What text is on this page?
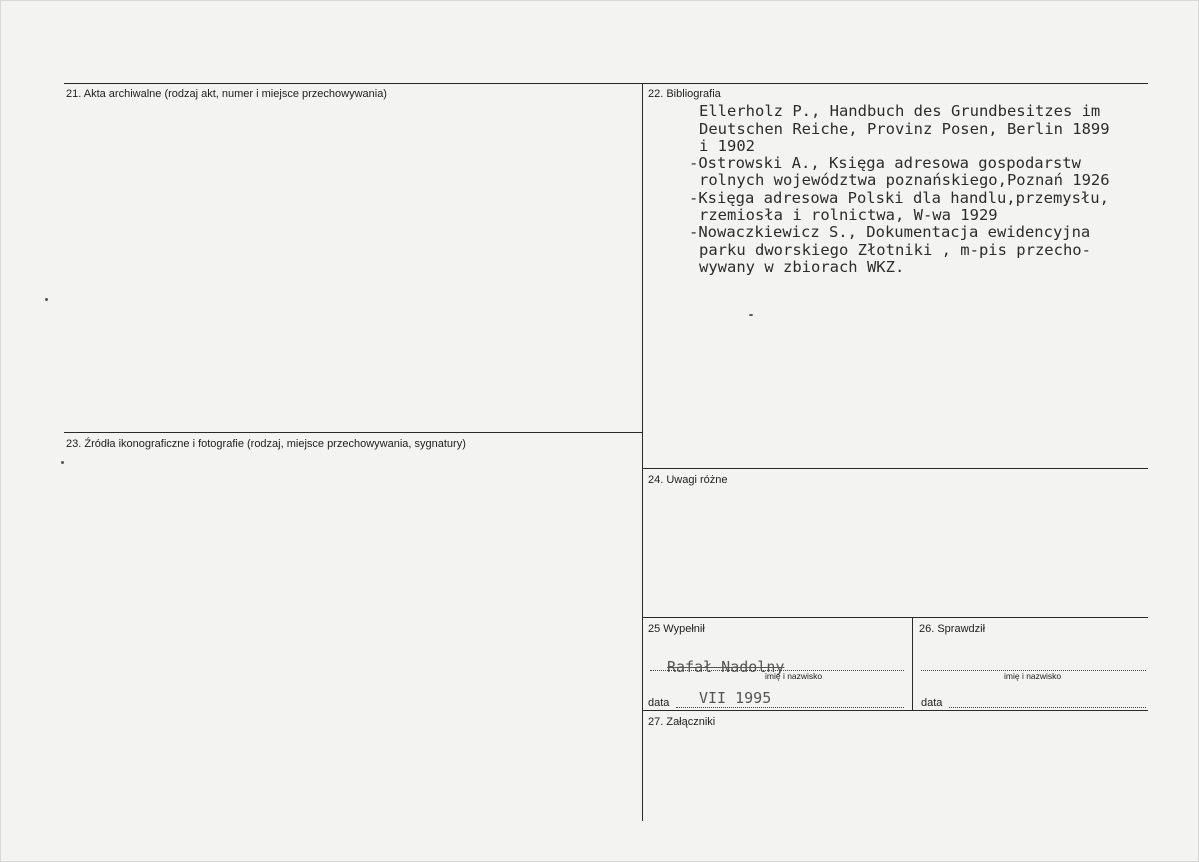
21. Akta archiwalne (rodzaj akt, numer i miejsce przechowywania)	22. Bibliografia
Ellerholz P., Handbuch des Grundbesitzes im
Deutschen Reiche, Provinz Posen, Berlin 1899
i 1902
-Ostrowski A., Księga adresowa gospodarstw
rolnych województwa poznańskiego,Poznań 1926
-Księga adresowa Polski dla handlu,przemysłu,
rzemiosła i rolnictwa, W-wa 1929
-Nowaczkiewicz S., Dokumentacja ewidencyjna
parku dworskiego Złotniki , m-pis przecho-
wywany w zbiorach WKZ.
23. Źródła ikonograficzne i fotografie (rodzaj, miejsce przechowywania, sygnatury)
24. Uwagi różne
25 Wypełnił
Rafał Nadolny
imię i nazwisko
data VII 1995
26. Sprawdził
imię i nazwisko
data
27. Załączniki
